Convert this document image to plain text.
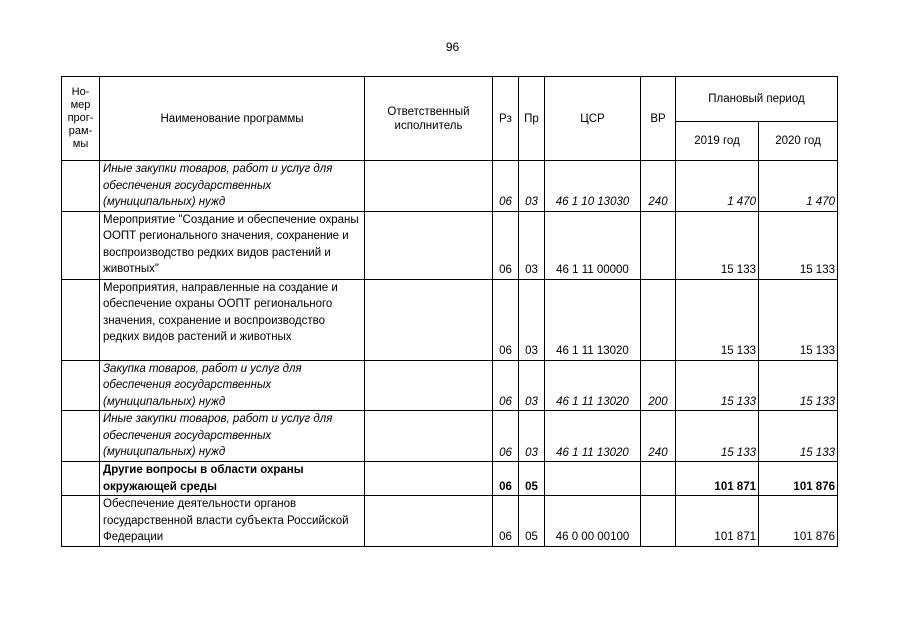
96
Но-мер прог-рам-мы	Наименование программы	Ответственный исполнитель	Рз	Пр	ЦСР	ВР	Плановый период	
							2019 год	2020 год
	Иные закупки товаров, работ и услуг для обеспечения государственных (муниципальных) нужд		06	03	46 1 10 13030	240	1 470	1 470
	Мероприятие "Создание и обеспечение охраны ООПТ регионального значения, сохранение и воспроизводство редких видов растений и животных"		06	03	46 1 11 00000		15 133	15 133
	Мероприятия, направленные на создание и обеспечение охраны ООПТ регионального значения, сохранение и воспроизводство редких видов растений и животных		06	03	46 1 11 13020		15 133	15 133
	Закупка товаров, работ и услуг для обеспечения государственных (муниципальных) нужд		06	03	46 1 11 13020	200	15 133	15 133
	Иные закупки товаров, работ и услуг для обеспечения государственных (муниципальных) нужд		06	03	46 1 11 13020	240	15 133	15 133
	Другие вопросы в области охраны окружающей среды		06	05			101 871	101 876
	Обеспечение деятельности органов государственной власти субъекта Российской Федерации		06	05	46 0 00 00100		101 871	101 876
